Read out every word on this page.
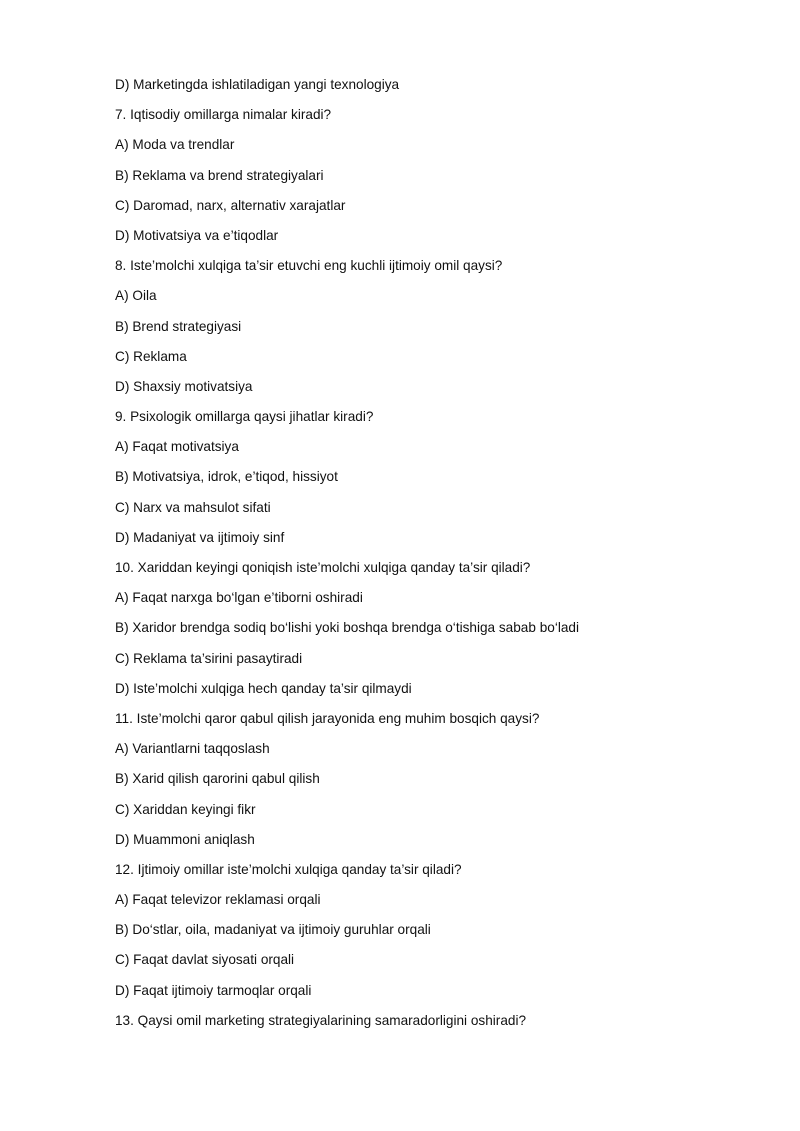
D) Marketingda ishlatiladigan yangi texnologiya
7. Iqtisodiy omillarga nimalar kiradi?
A) Moda va trendlar
B) Reklama va brend strategiyalari
C) Daromad, narx, alternativ xarajatlar
D) Motivatsiya va e’tiqodlar
8. Iste’molchi xulqiga ta’sir etuvchi eng kuchli ijtimoiy omil qaysi?
A) Oila
B) Brend strategiyasi
C) Reklama
D) Shaxsiy motivatsiya
9. Psixologik omillarga qaysi jihatlar kiradi?
A) Faqat motivatsiya
B) Motivatsiya, idrok, e’tiqod, hissiyot
C) Narx va mahsulot sifati
D) Madaniyat va ijtimoiy sinf
10. Xariddan keyingi qoniqish iste’molchi xulqiga qanday ta’sir qiladi?
A) Faqat narxga bo‘lgan e’tiborni oshiradi
B) Xaridor brendga sodiq bo‘lishi yoki boshqa brendga o‘tishiga sabab bo‘ladi
C) Reklama ta’sirini pasaytiradi
D) Iste’molchi xulqiga hech qanday ta’sir qilmaydi
11. Iste’molchi qaror qabul qilish jarayonida eng muhim bosqich qaysi?
A) Variantlarni taqqoslash
B) Xarid qilish qarorini qabul qilish
C) Xariddan keyingi fikr
D) Muammoni aniqlash
12. Ijtimoiy omillar iste’molchi xulqiga qanday ta’sir qiladi?
A) Faqat televizor reklamasi orqali
B) Do‘stlar, oila, madaniyat va ijtimoiy guruhlar orqali
C) Faqat davlat siyosati orqali
D) Faqat ijtimoiy tarmoqlar orqali
13. Qaysi omil marketing strategiyalarining samaradorligini oshiradi?
